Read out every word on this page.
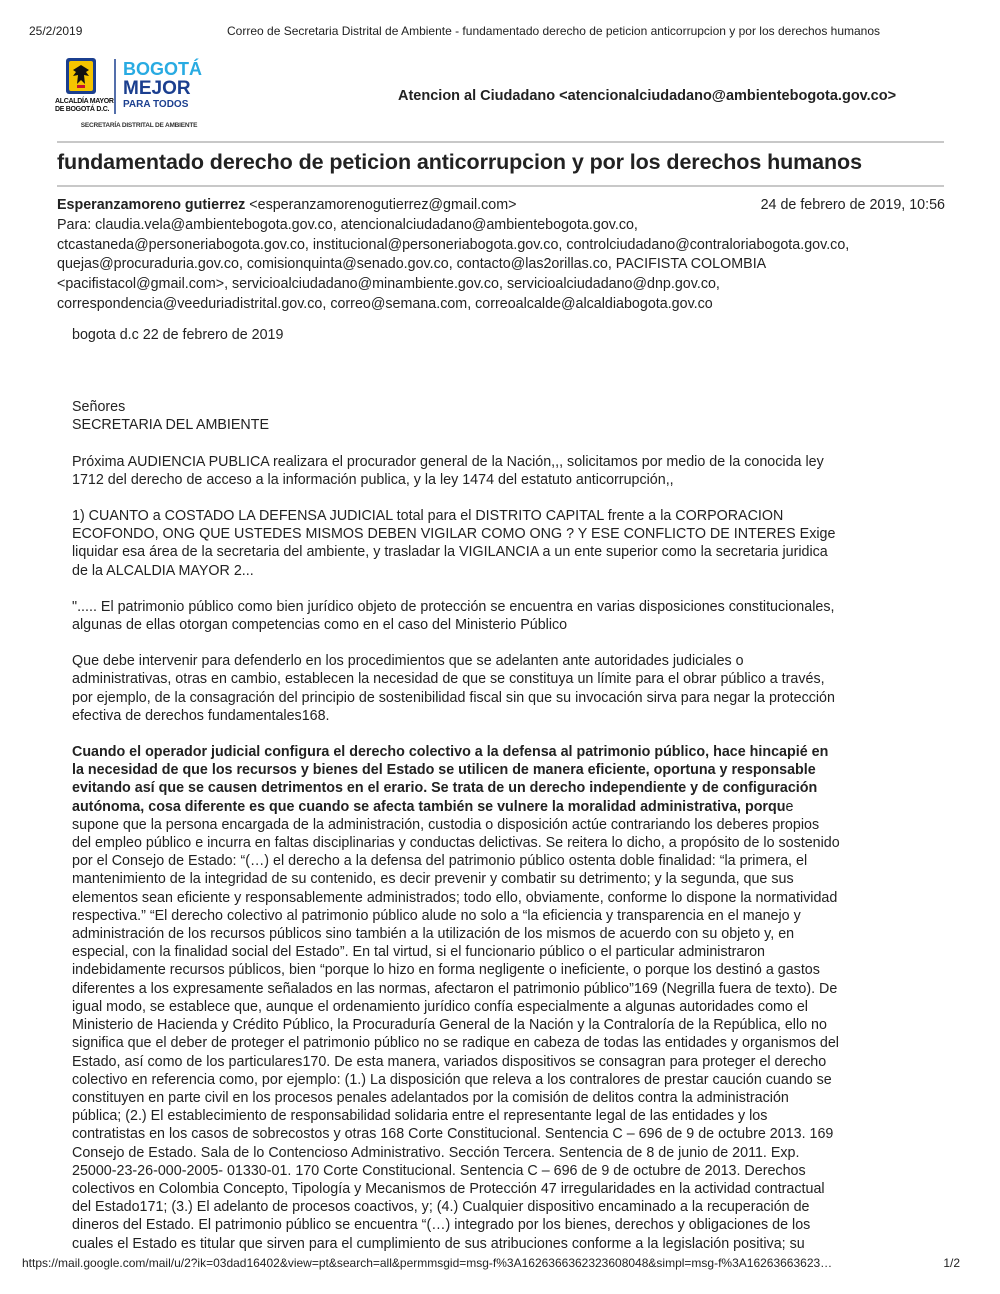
25/2/2019	Correo de Secretaria Distrital de Ambiente - fundamentado derecho de peticion anticorrupcion y por los derechos humanos
ALCALDÍA MAYOR
DE BOGOTÁ D.C.
BOGOTÁ
MEJOR
PARA TODOS
SECRETARÍA DISTRITAL DE AMBIENTE
Atencion al Ciudadano <atencionalciudadano@ambientebogota.gov.co>
fundamentado derecho de peticion anticorrupcion y por los derechos humanos
Esperanzamoreno gutierrez <esperanzamorenogutierrez@gmail.com>	24 de febrero de 2019, 10:56
Para: claudia.vela@ambientebogota.gov.co, atencionalciudadano@ambientebogota.gov.co,
ctcastaneda@personeriabogota.gov.co, institucional@personeriabogota.gov.co, controlciudadano@contraloriabogota.gov.co,
quejas@procuraduria.gov.co, comisionquinta@senado.gov.co, contacto@las2orillas.co, PACIFISTA COLOMBIA
<pacifistacol@gmail.com>, servicioalciudadano@minambiente.gov.co, servicioalciudadano@dnp.gov.co,
correspondencia@veeduriadistrital.gov.co, correo@semana.com, correoalcalde@alcaldiabogota.gov.co

bogota d.c 22 de febrero de 2019

Señores

SECRETARIA DEL AMBIENTE

Próxima AUDIENCIA PUBLICA realizara el procurador general de la Nación,,, solicitamos por medio de la conocida ley

1712 del derecho de acceso a la información publica, y la ley 1474 del estatuto anticorrupción,,

1) CUANTO a COSTADO LA DEFENSA JUDICIAL total para el DISTRITO CAPITAL frente a la CORPORACION

ECOFONDO, ONG QUE USTEDES MISMOS DEBEN VIGILAR COMO ONG ? Y ESE CONFLICTO DE INTERES Exige

liquidar esa área de la secretaria del ambiente, y trasladar la VIGILANCIA a un ente superior como la secretaria juridica

de la ALCALDIA MAYOR 2...

"..... El patrimonio público como bien jurídico objeto de protección se encuentra en varias disposiciones constitucionales,

algunas de ellas otorgan competencias como en el caso del Ministerio Público

Que debe intervenir para defenderlo en los procedimientos que se adelanten ante autoridades judiciales o

administrativas, otras en cambio, establecen la necesidad de que se constituya un límite para el obrar público a través,

por ejemplo, de la consagración del principio de sostenibilidad fiscal sin que su invocación sirva para negar la protección

efectiva de derechos fundamentales168.

Cuando el operador judicial configura el derecho colectivo a la defensa al patrimonio público, hace hincapié en

la necesidad de que los recursos y bienes del Estado se utilicen de manera eficiente, oportuna y responsable

evitando así que se causen detrimentos en el erario. Se trata de un derecho independiente y de configuración

autónoma, cosa diferente es que cuando se afecta también se vulnere la moralidad administrativa, porque

supone que la persona encargada de la administración, custodia o disposición actúe contrariando los deberes propios

del empleo público e incurra en faltas disciplinarias y conductas delictivas. Se reitera lo dicho, a propósito de lo sostenido

por el Consejo de Estado: “(…) el derecho a la defensa del patrimonio público ostenta doble finalidad: “la primera, el

mantenimiento de la integridad de su contenido, es decir prevenir y combatir su detrimento; y la segunda, que sus

elementos sean eficiente y responsablemente administrados; todo ello, obviamente, conforme lo dispone la normatividad

respectiva.” “El derecho colectivo al patrimonio público alude no solo a “la eficiencia y transparencia en el manejo y

administración de los recursos públicos sino también a la utilización de los mismos de acuerdo con su objeto y, en

especial, con la finalidad social del Estado”. En tal virtud, si el funcionario público o el particular administraron

indebidamente recursos públicos, bien “porque lo hizo en forma negligente o ineficiente, o porque los destinó a gastos

diferentes a los expresamente señalados en las normas, afectaron el patrimonio público”169 (Negrilla fuera de texto). De

igual modo, se establece que, aunque el ordenamiento jurídico confía especialmente a algunas autoridades como el

Ministerio de Hacienda y Crédito Público, la Procuraduría General de la Nación y la Contraloría de la República, ello no

significa que el deber de proteger el patrimonio público no se radique en cabeza de todas las entidades y organismos del

Estado, así como de los particulares170. De esta manera, variados dispositivos se consagran para proteger el derecho

colectivo en referencia como, por ejemplo: (1.) La disposición que releva a los contralores de prestar caución cuando se

constituyen en parte civil en los procesos penales adelantados por la comisión de delitos contra la administración

pública; (2.) El establecimiento de responsabilidad solidaria entre el representante legal de las entidades y los

contratistas en los casos de sobrecostos y otras 168 Corte Constitucional. Sentencia C – 696 de 9 de octubre 2013. 169

Consejo de Estado. Sala de lo Contencioso Administrativo. Sección Tercera. Sentencia de 8 de junio de 2011. Exp.

25000-23-26-000-2005- 01330-01. 170 Corte Constitucional. Sentencia C – 696 de 9 de octubre de 2013. Derechos

colectivos en Colombia Concepto, Tipología y Mecanismos de Protección 47 irregularidades en la actividad contractual

del Estado171; (3.) El adelanto de procesos coactivos, y; (4.) Cualquier dispositivo encaminado a la recuperación de

dineros del Estado. El patrimonio público se encuentra “(…) integrado por los bienes, derechos y obligaciones de los

cuales el Estado es titular que sirven para el cumplimiento de sus atribuciones conforme a la legislación positiva; su

https://mail.google.com/mail/u/2?ik=03dad16402&view=pt&search=all&permmsgid=msg-f%3A1626366362323608048&simpl=msg-f%3A16263663623…	1/2
